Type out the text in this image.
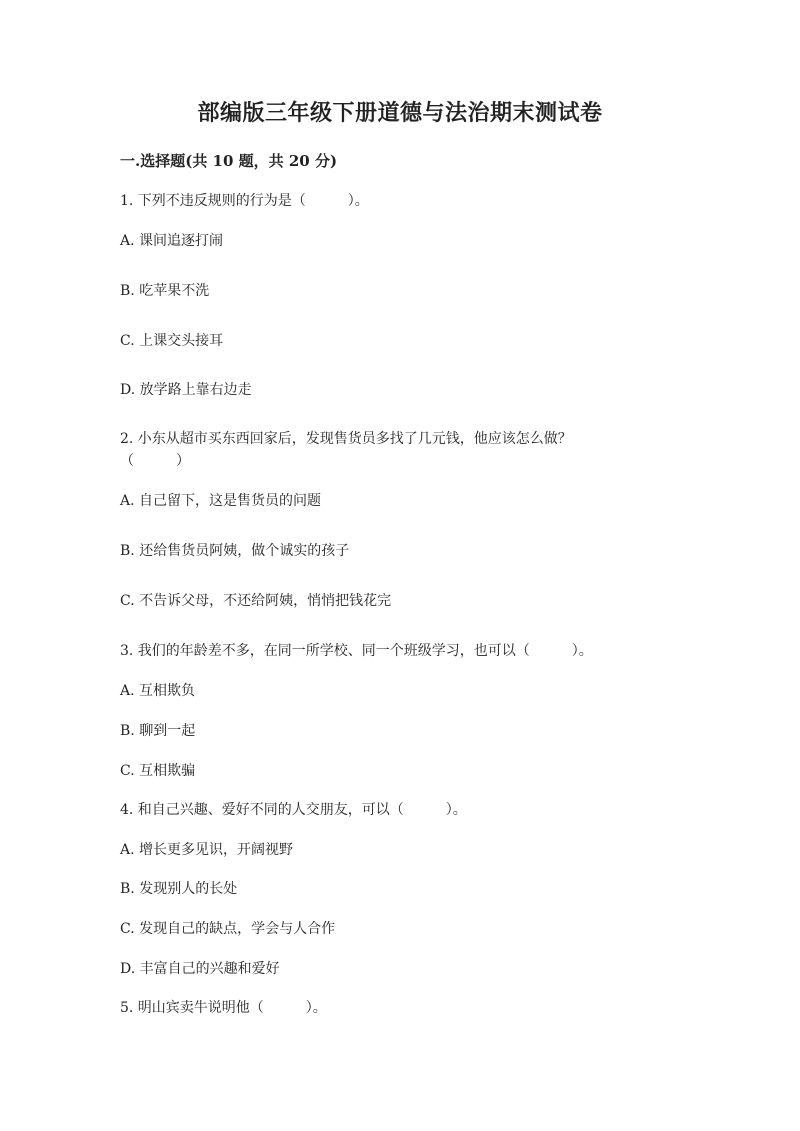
部编版三年级下册道德与法治期末测试卷
一.选择题(共 10 题，共 20 分)

1. 下列不违反规则的行为是（　　　）。

A. 课间追逐打闹

B. 吃苹果不洗

C. 上课交头接耳

D. 放学路上靠右边走

2. 小东从超市买东西回家后，发现售货员多找了几元钱，他应该怎么做？

（　　　）

A. 自己留下，这是售货员的问题

B. 还给售货员阿姨，做个诚实的孩子

C. 不告诉父母，不还给阿姨，悄悄把钱花完

3. 我们的年龄差不多，在同一所学校、同一个班级学习，也可以（　　　）。

A. 互相欺负

B. 聊到一起

C. 互相欺骗

4. 和自己兴趣、爱好不同的人交朋友，可以（　　　）。

A. 增长更多见识，开阔视野

B. 发现别人的长处

C. 发现自己的缺点，学会与人合作

D. 丰富自己的兴趣和爱好

5. 明山宾卖牛说明他（　　　）。
